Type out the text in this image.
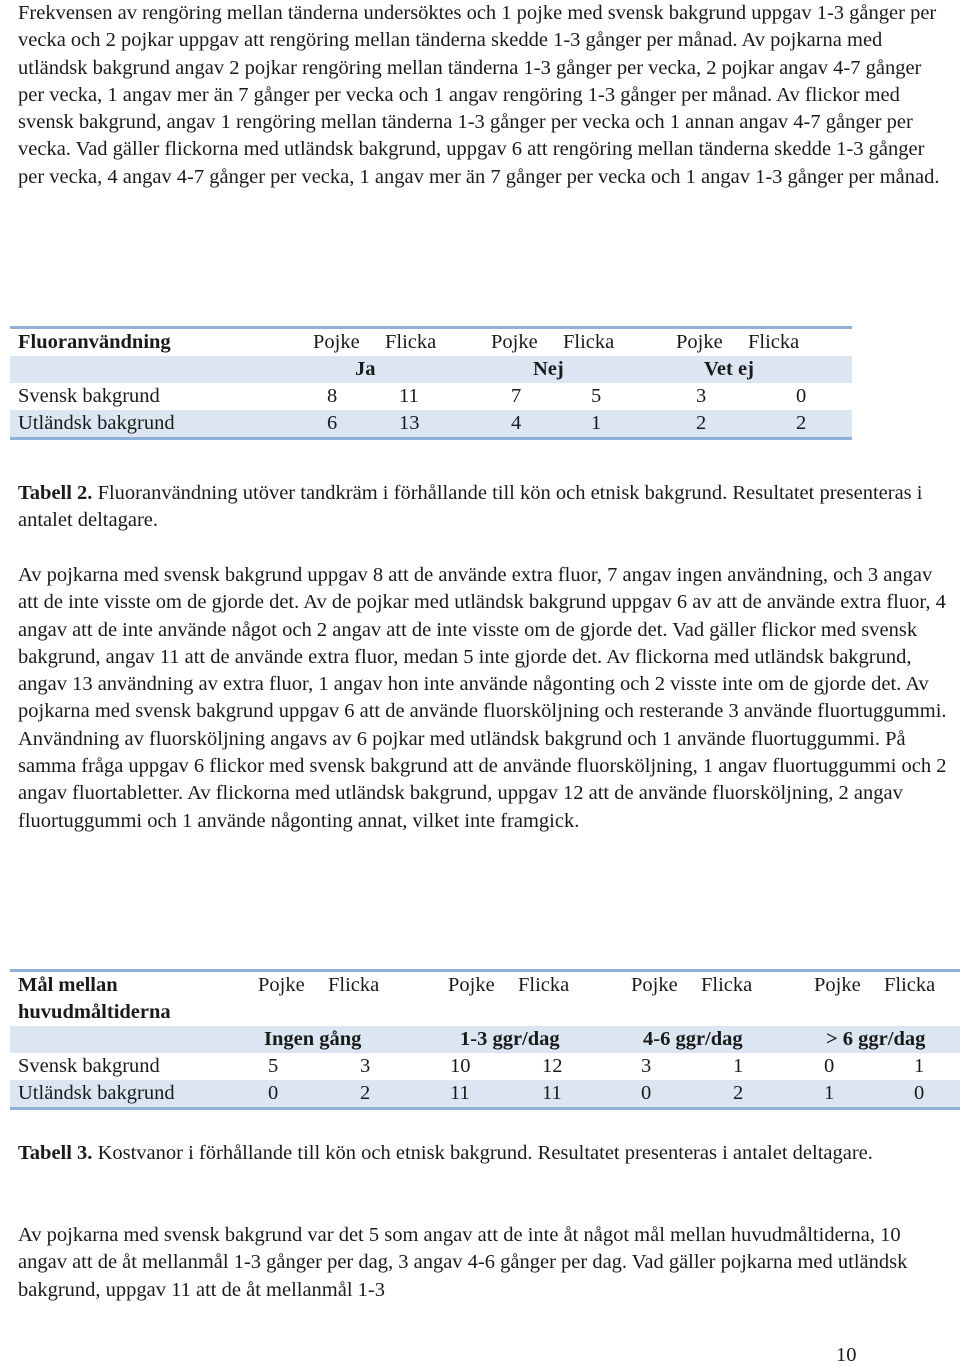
Frekvensen av rengöring mellan tänderna undersöktes och 1 pojke med svensk bakgrund uppgav 1-3 gånger per vecka och 2 pojkar uppgav att rengöring mellan tänderna skedde 1-3 gånger per månad. Av pojkarna med utländsk bakgrund angav 2 pojkar rengöring mellan tänderna 1-3 gånger per vecka, 2 pojkar angav 4-7 gånger per vecka, 1 angav mer än 7 gånger per vecka och 1 angav rengöring 1-3 gånger per månad. Av flickor med svensk bakgrund, angav 1 rengöring mellan tänderna 1-3 gånger per vecka och 1 annan angav 4-7 gånger per vecka. Vad gäller flickorna med utländsk bakgrund, uppgav 6 att rengöring mellan tänderna skedde 1-3 gånger per vecka, 4 angav 4-7 gånger per vecka, 1 angav mer än 7 gånger per vecka och 1 angav 1-3 gånger per månad.

Fluoranvändning	Pojke	Flicka	Pojke	Flicka	Pojke	Flicka
	Ja		Nej		Vet ej	
Svensk bakgrund	8	11	7	5	3	0
Utländsk bakgrund	6	13	4	1	2	2

Tabell 2. Fluoranvändning utöver tandkräm i förhållande till kön och etnisk bakgrund. Resultatet presenteras i antalet deltagare.

Av pojkarna med svensk bakgrund uppgav 8 att de använde extra fluor, 7 angav ingen användning, och 3 angav att de inte visste om de gjorde det. Av de pojkar med utländsk bakgrund uppgav 6 av att de använde extra fluor, 4 angav att de inte använde något och 2 angav att de inte visste om de gjorde det. Vad gäller flickor med svensk bakgrund, angav 11 att de använde extra fluor, medan 5 inte gjorde det. Av flickorna med utländsk bakgrund, angav 13 användning av extra fluor, 1 angav hon inte använde någonting och 2 visste inte om de gjorde det. Av pojkarna med svensk bakgrund uppgav 6 att de använde fluorsköljning och resterande 3 använde fluortuggummi. Användning av fluorsköljning angavs av 6 pojkar med utländsk bakgrund och 1 använde fluortuggummi. På samma fråga uppgav 6 flickor med svensk bakgrund att de använde fluorsköljning, 1 angav fluortuggummi och 2 angav fluortabletter. Av flickorna med utländsk bakgrund, uppgav 12 att de använde fluorsköljning, 2 angav fluortuggummi och 1 använde någonting annat, vilket inte framgick.

Mål mellan	Pojke	Flicka	Pojke	Flicka	Pojke	Flicka	Pojke	Flicka
huvudmåltiderna								
	Ingen gång		1-3 ggr/dag		4-6 ggr/dag		> 6 ggr/dag	
Svensk bakgrund	5	3	10	12	3	1	0	1
Utländsk bakgrund	0	2	11	11	0	2	1	0

Tabell 3. Kostvanor i förhållande till kön och etnisk bakgrund. Resultatet presenteras i antalet deltagare.

Av pojkarna med svensk bakgrund var det 5 som angav att de inte åt något mål mellan huvudmåltiderna, 10 angav att de åt mellanmål 1-3 gånger per dag, 3 angav 4-6 gånger per dag. Vad gäller pojkarna med utländsk bakgrund, uppgav 11 att de åt mellanmål 1-3

10
